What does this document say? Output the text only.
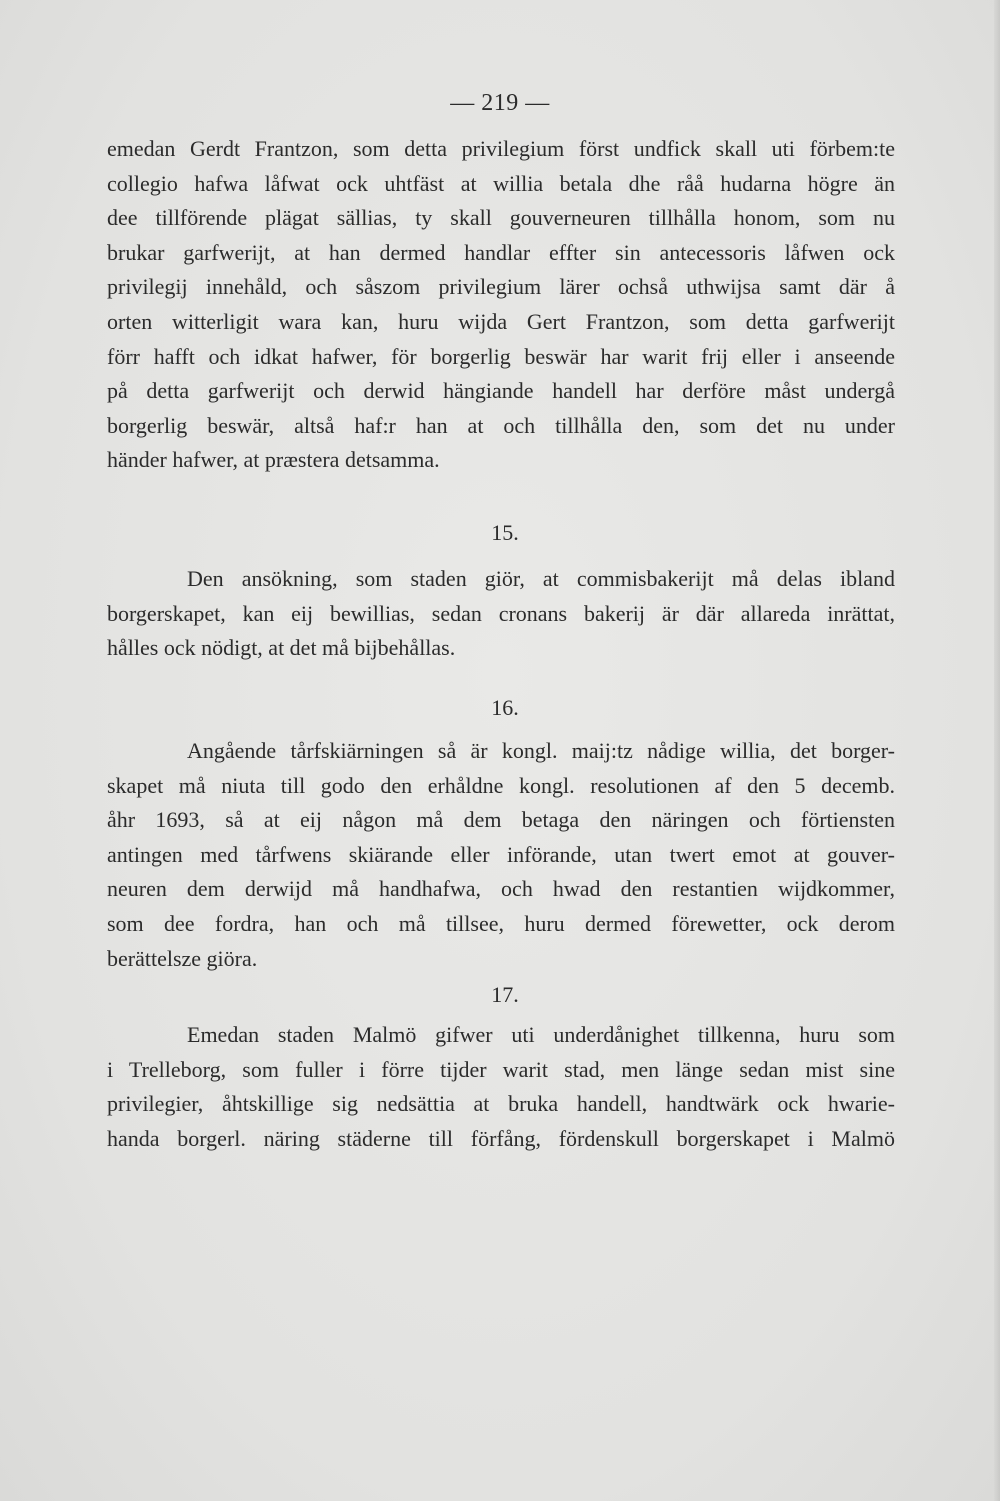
— 219 —
emedan Gerdt Frantzon, som detta privilegium först undfick skall uti förbem:te
collegio hafwa låfwat ock uhtfäst at willia betala dhe råå hudarna högre än
dee tillförende plägat sällias, ty skall gouverneuren tillhålla honom, som nu
brukar garfwerijt, at han dermed handlar effter sin antecessoris låfwen ock
privilegij innehåld, och såszom privilegium lärer ochså uthwijsa samt där å
orten witterligit wara kan, huru wijda Gert Frantzon, som detta garfwerijt
förr hafft och idkat hafwer, för borgerlig beswär har warit frij eller i anseende
på detta garfwerijt och derwid hängiande handell har derföre måst undergå
borgerlig beswär, altså haf:r han at och tillhålla den, som det nu under
händer hafwer, at præstera detsamma.
15.
Den ansökning, som staden giör, at commisbakerijt må delas ibland
borgerskapet, kan eij bewillias, sedan cronans bakerij är där allareda inrättat,
hålles ock nödigt, at det må bijbehållas.
16.
Angående tårfskiärningen så är kongl. maij:tz nådige willia, det borger-
skapet må niuta till godo den erhåldne kongl. resolutionen af den 5 decemb.
åhr 1693, så at eij någon må dem betaga den näringen och förtiensten
antingen med tårfwens skiärande eller införande, utan twert emot at gouver-
neuren dem derwijd må handhafwa, och hwad den restantien wijdkommer,
som dee fordra, han och må tillsee, huru dermed förewetter, ock derom
berättelsze giöra.
17.
Emedan staden Malmö gifwer uti underdånighet tillkenna, huru som
i Trelleborg, som fuller i förre tijder warit stad, men länge sedan mist sine
privilegier, åhtskillige sig nedsättia at bruka handell, handtwärk ock hwarie-
handa borgerl. näring städerne till förfång, fördenskull borgerskapet i Malmö
